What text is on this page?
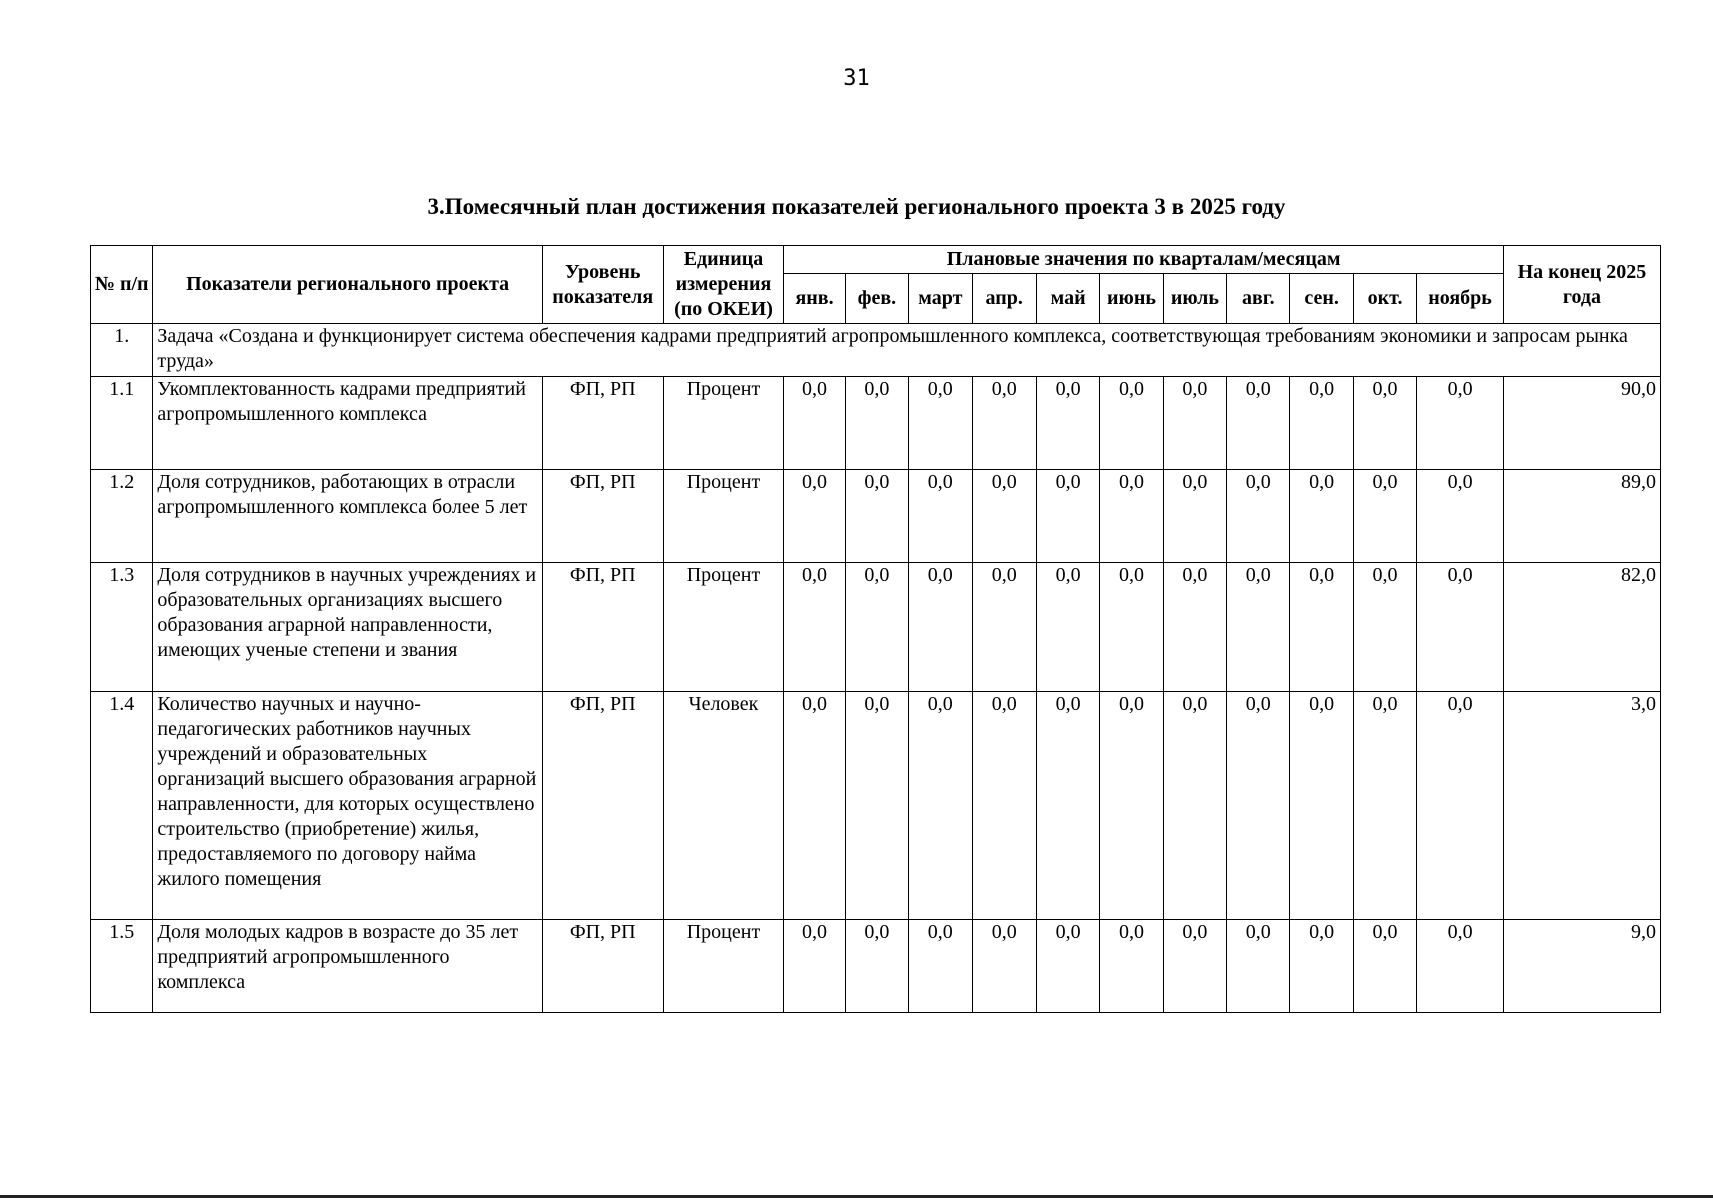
31
3.Помесячный план достижения показателей регионального проекта 3 в 2025 году
№ п/п	Показатели регионального проекта	Уровень показателя	Единица измерения (по ОКЕИ)	Плановые значения по кварталам/месяцам											На конец 2025 года
				янв.	фев.	март	апр.	май	июнь	июль	авг.	сен.	окт.	ноябрь	
1.	Задача «Создана и функционирует система обеспечения кадрами предприятий агропромышленного комплекса, соответствующая требованиям экономики и запросам рынка труда»														
1.1	Укомплектованность кадрами предприятий агропромышленного комплекса	ФП, РП	Процент	0,0	0,0	0,0	0,0	0,0	0,0	0,0	0,0	0,0	0,0	0,0	90,0
1.2	Доля сотрудников, работающих в отрасли агропромышленного комплекса более 5 лет	ФП, РП	Процент	0,0	0,0	0,0	0,0	0,0	0,0	0,0	0,0	0,0	0,0	0,0	89,0
1.3	Доля сотрудников в научных учреждениях и образовательных организациях высшего образования аграрной направленности, имеющих ученые степени и звания	ФП, РП	Процент	0,0	0,0	0,0	0,0	0,0	0,0	0,0	0,0	0,0	0,0	0,0	82,0
1.4	Количество научных и научно-педагогических работников научных учреждений и образовательных организаций высшего образования аграрной направленности, для которых осуществлено строительство (приобретение) жилья, предоставляемого по договору найма жилого помещения	ФП, РП	Человек	0,0	0,0	0,0	0,0	0,0	0,0	0,0	0,0	0,0	0,0	0,0	3,0
1.5	Доля молодых кадров в возрасте до 35 лет предприятий агропромышленного комплекса	ФП, РП	Процент	0,0	0,0	0,0	0,0	0,0	0,0	0,0	0,0	0,0	0,0	0,0	9,0
